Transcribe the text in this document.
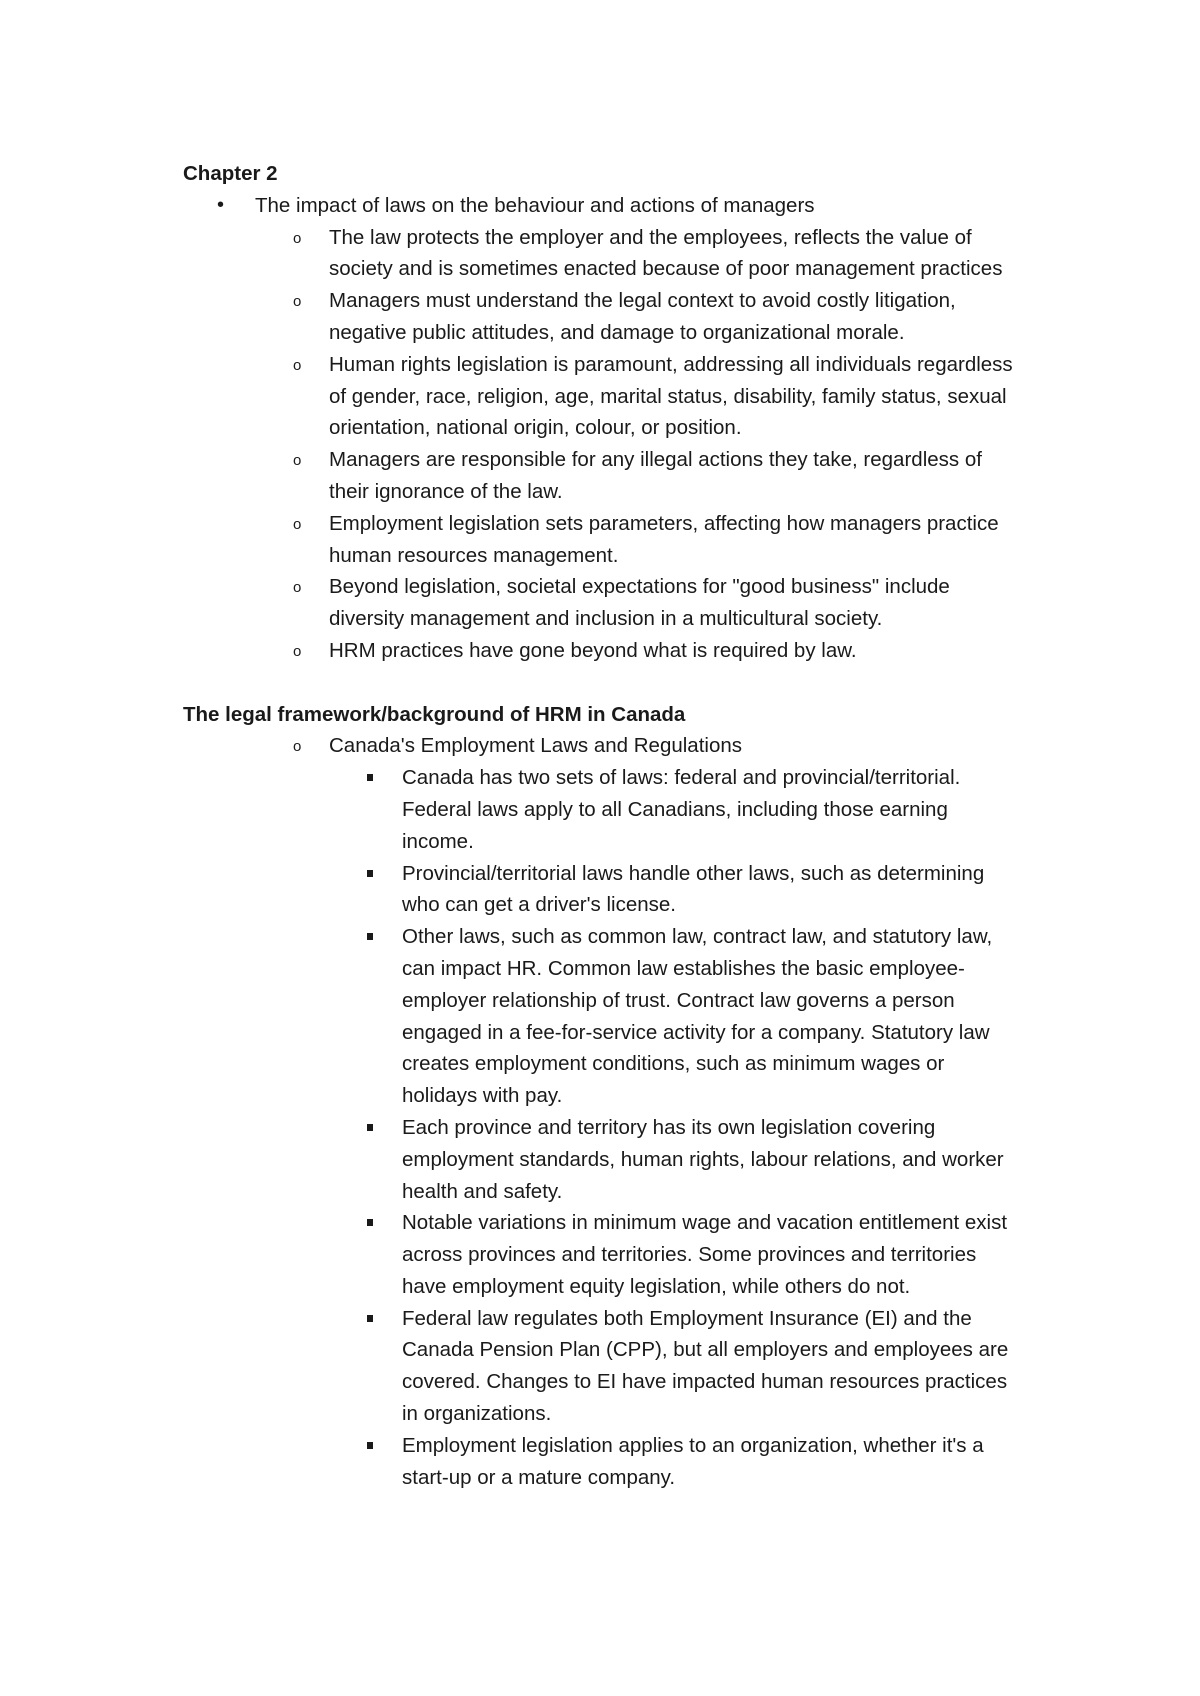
Chapter 2

• The impact of laws on the behaviour and actions of managers
o The law protects the employer and the employees, reflects the value of society and is sometimes enacted because of poor management practices
o Managers must understand the legal context to avoid costly litigation, negative public attitudes, and damage to organizational morale.
o Human rights legislation is paramount, addressing all individuals regardless of gender, race, religion, age, marital status, disability, family status, sexual orientation, national origin, colour, or position.
o Managers are responsible for any illegal actions they take, regardless of their ignorance of the law.
o Employment legislation sets parameters, affecting how managers practice human resources management.
o Beyond legislation, societal expectations for "good business" include diversity management and inclusion in a multicultural society.
o HRM practices have gone beyond what is required by law.

The legal framework/background of HRM in Canada

o Canada's Employment Laws and Regulations
Canada has two sets of laws: federal and provincial/territorial. Federal laws apply to all Canadians, including those earning income.
Provincial/territorial laws handle other laws, such as determining who can get a driver's license.
Other laws, such as common law, contract law, and statutory law, can impact HR. Common law establishes the basic employee-employer relationship of trust. Contract law governs a person engaged in a fee-for-service activity for a company. Statutory law creates employment conditions, such as minimum wages or holidays with pay.
Each province and territory has its own legislation covering employment standards, human rights, labour relations, and worker health and safety.
Notable variations in minimum wage and vacation entitlement exist across provinces and territories. Some provinces and territories have employment equity legislation, while others do not.
Federal law regulates both Employment Insurance (EI) and the Canada Pension Plan (CPP), but all employers and employees are covered. Changes to EI have impacted human resources practices in organizations.
Employment legislation applies to an organization, whether it's a start-up or a mature company.
